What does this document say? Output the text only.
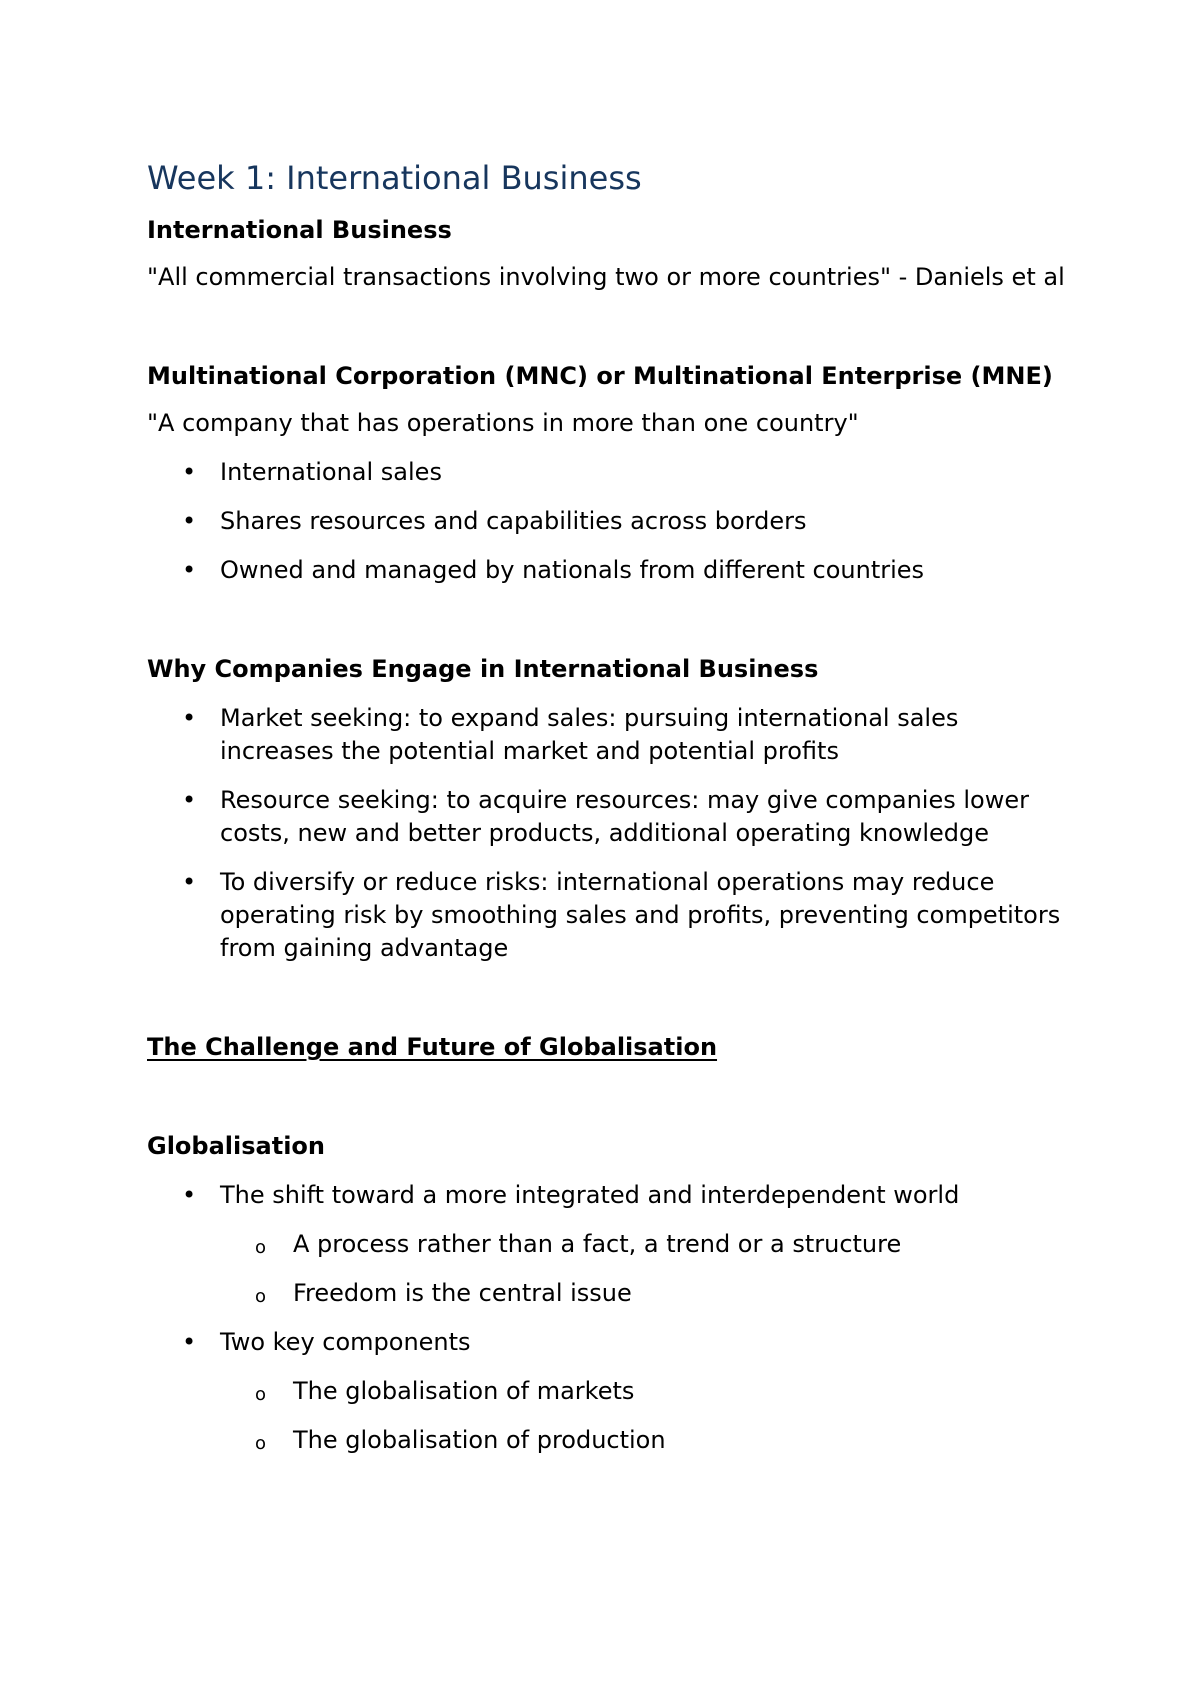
Week 1: International Business

International Business

"All commercial transactions involving two or more countries" - Daniels et al

Multinational Corporation (MNC) or Multinational Enterprise (MNE)

"A company that has operations in more than one country"

• International sales
• Shares resources and capabilities across borders
• Owned and managed by nationals from different countries

Why Companies Engage in International Business

• Market seeking: to expand sales: pursuing international sales increases the potential market and potential profits
• Resource seeking: to acquire resources: may give companies lower costs, new and better products, additional operating knowledge
• To diversify or reduce risks: international operations may reduce operating risk by smoothing sales and profits, preventing competitors from gaining advantage

The Challenge and Future of Globalisation

Globalisation

• The shift toward a more integrated and interdependent world
o A process rather than a fact, a trend or a structure
o Freedom is the central issue
• Two key components
o The globalisation of markets
o The globalisation of production
